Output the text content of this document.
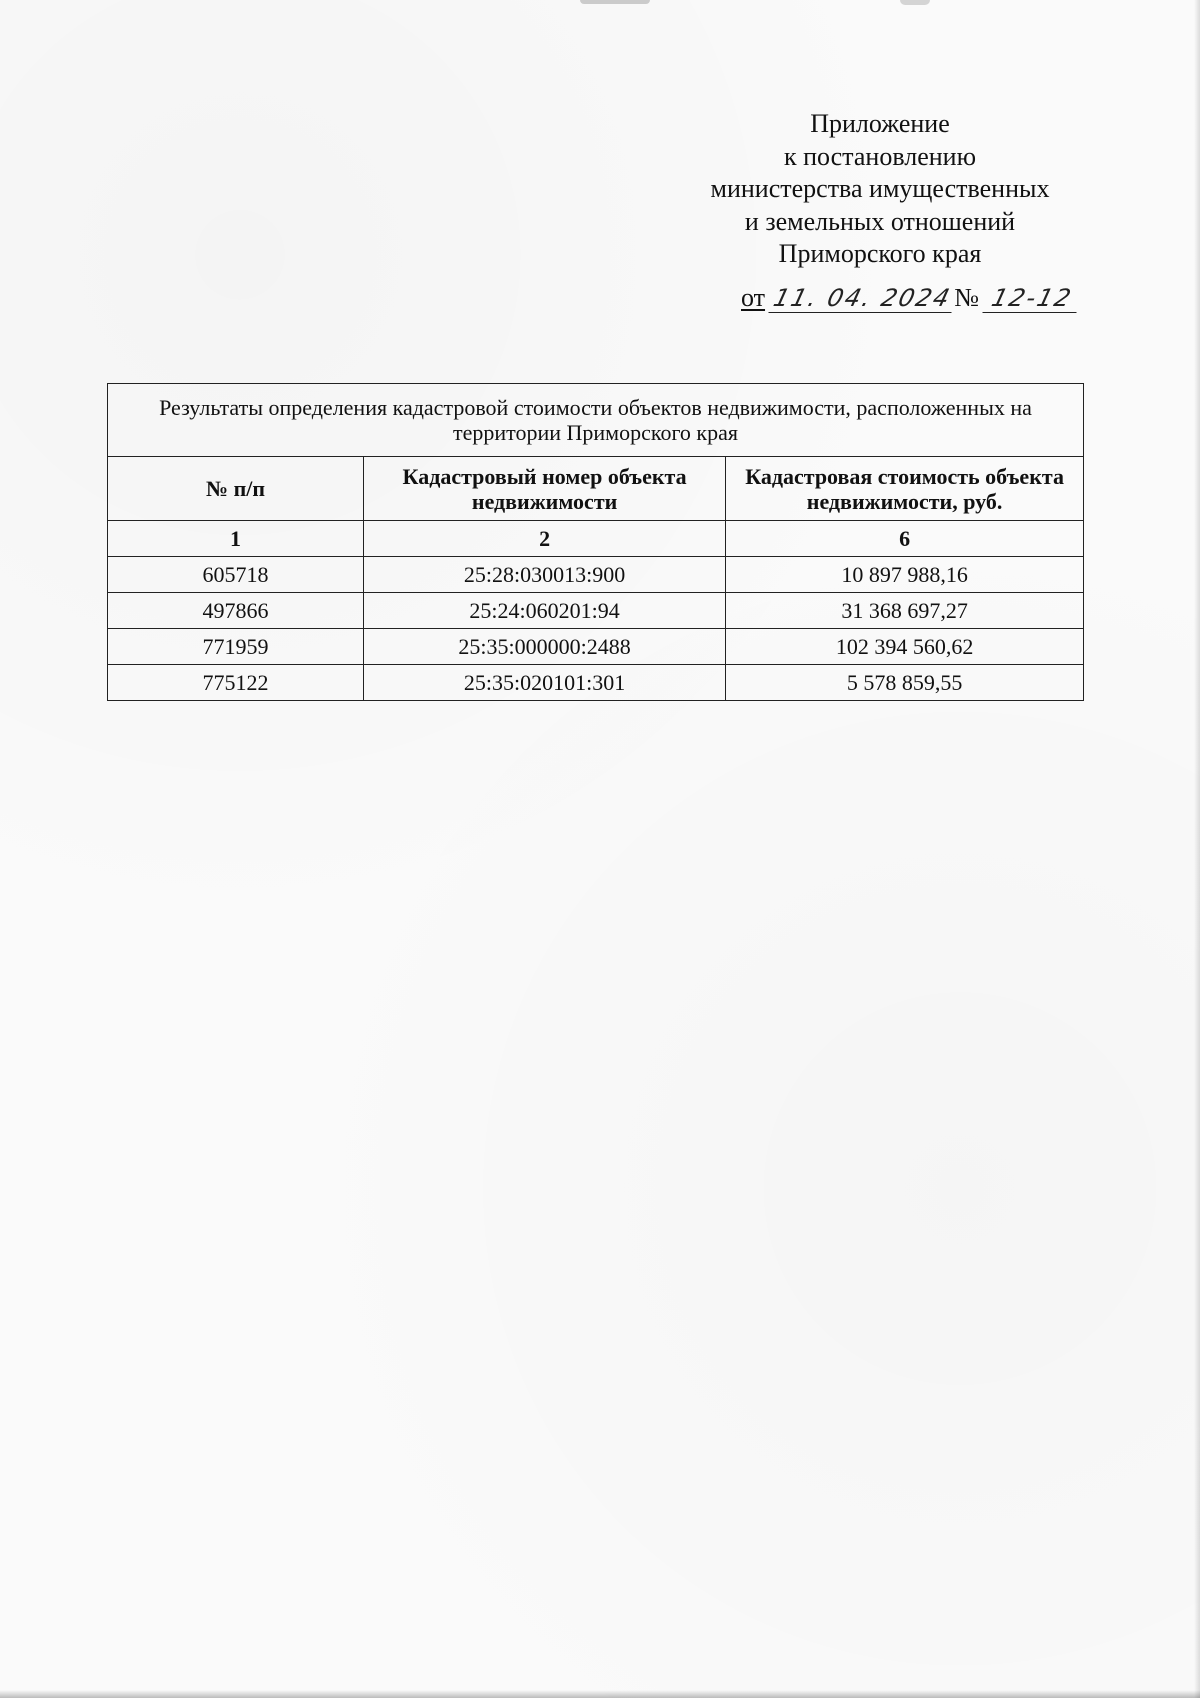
Приложение
к постановлению
министерства имущественных
и земельных отношений
Приморского края
от 11. 04. 2024№ 12-12
Результаты определения кадастровой стоимости объектов недвижимости, расположенных на территории Приморского края		
№ п/п	Кадастровый номер объекта недвижимости	Кадастровая стоимость объекта недвижимости, руб.
1	2	6
605718	25:28:030013:900	10 897 988,16
497866	25:24:060201:94	31 368 697,27
771959	25:35:000000:2488	102 394 560,62
775122	25:35:020101:301	5 578 859,55
